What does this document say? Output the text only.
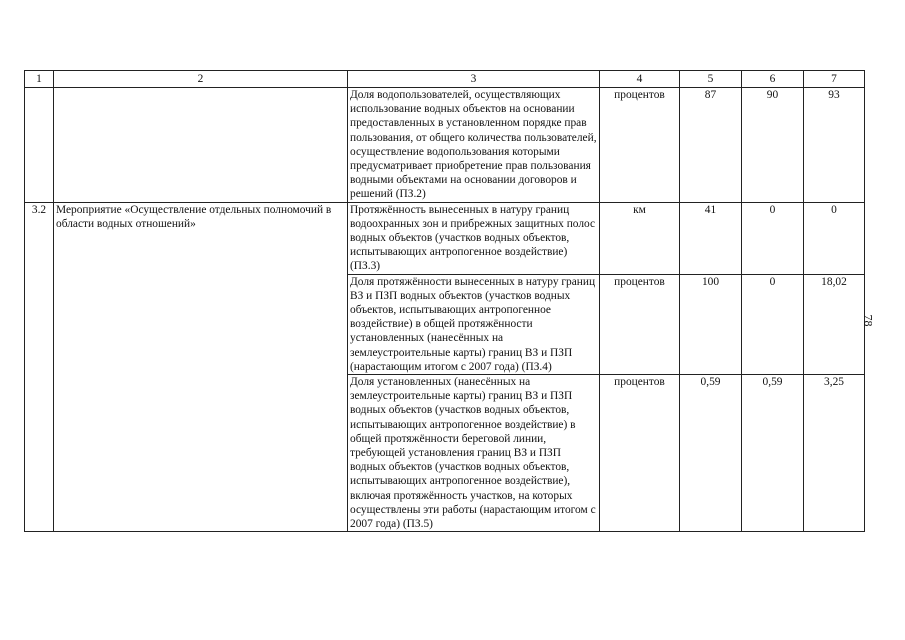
1	2	3	4	5	6	7
		Доля водопользователей, осуществляющих использование водных объектов на основании предоставленных в установленном порядке прав пользования, от общего количества пользователей, осуществление водопользования которыми предусматривает приобретение прав пользования водными объектами на основании договоров и решений (ПЗ.2)	процентов	87	90	93
3.2	Мероприятие «Осуществление отдельных полномочий в области водных отношений»	Протяжённость вынесенных в натуру границ водоохранных зон и прибрежных защитных полос водных объектов (участков водных объектов, испытывающих антропогенное воздействие) (ПЗ.3)	км	41	0	0
		Доля протяжённости вынесенных в натуру границ ВЗ и ПЗП водных объектов (участков водных объектов, испытывающих антропогенное воздействие) в общей протяжённости установленных (нанесённых на землеустроительные карты) границ ВЗ и ПЗП (нарастающим итогом с 2007 года) (ПЗ.4)	процентов	100	0	18,02
		Доля установленных (нанесённых на землеустроительные карты) границ ВЗ и ПЗП водных объектов (участков водных объектов, испытывающих антропогенное воздействие) в общей протяжённости береговой линии, требующей установления границ ВЗ и ПЗП водных объектов (участков водных объектов, испытывающих антропогенное воздействие), включая протяжённость участков, на которых осуществлены эти работы (нарастающим итогом с 2007 года) (ПЗ.5)	процентов	0,59	0,59	3,25
78
